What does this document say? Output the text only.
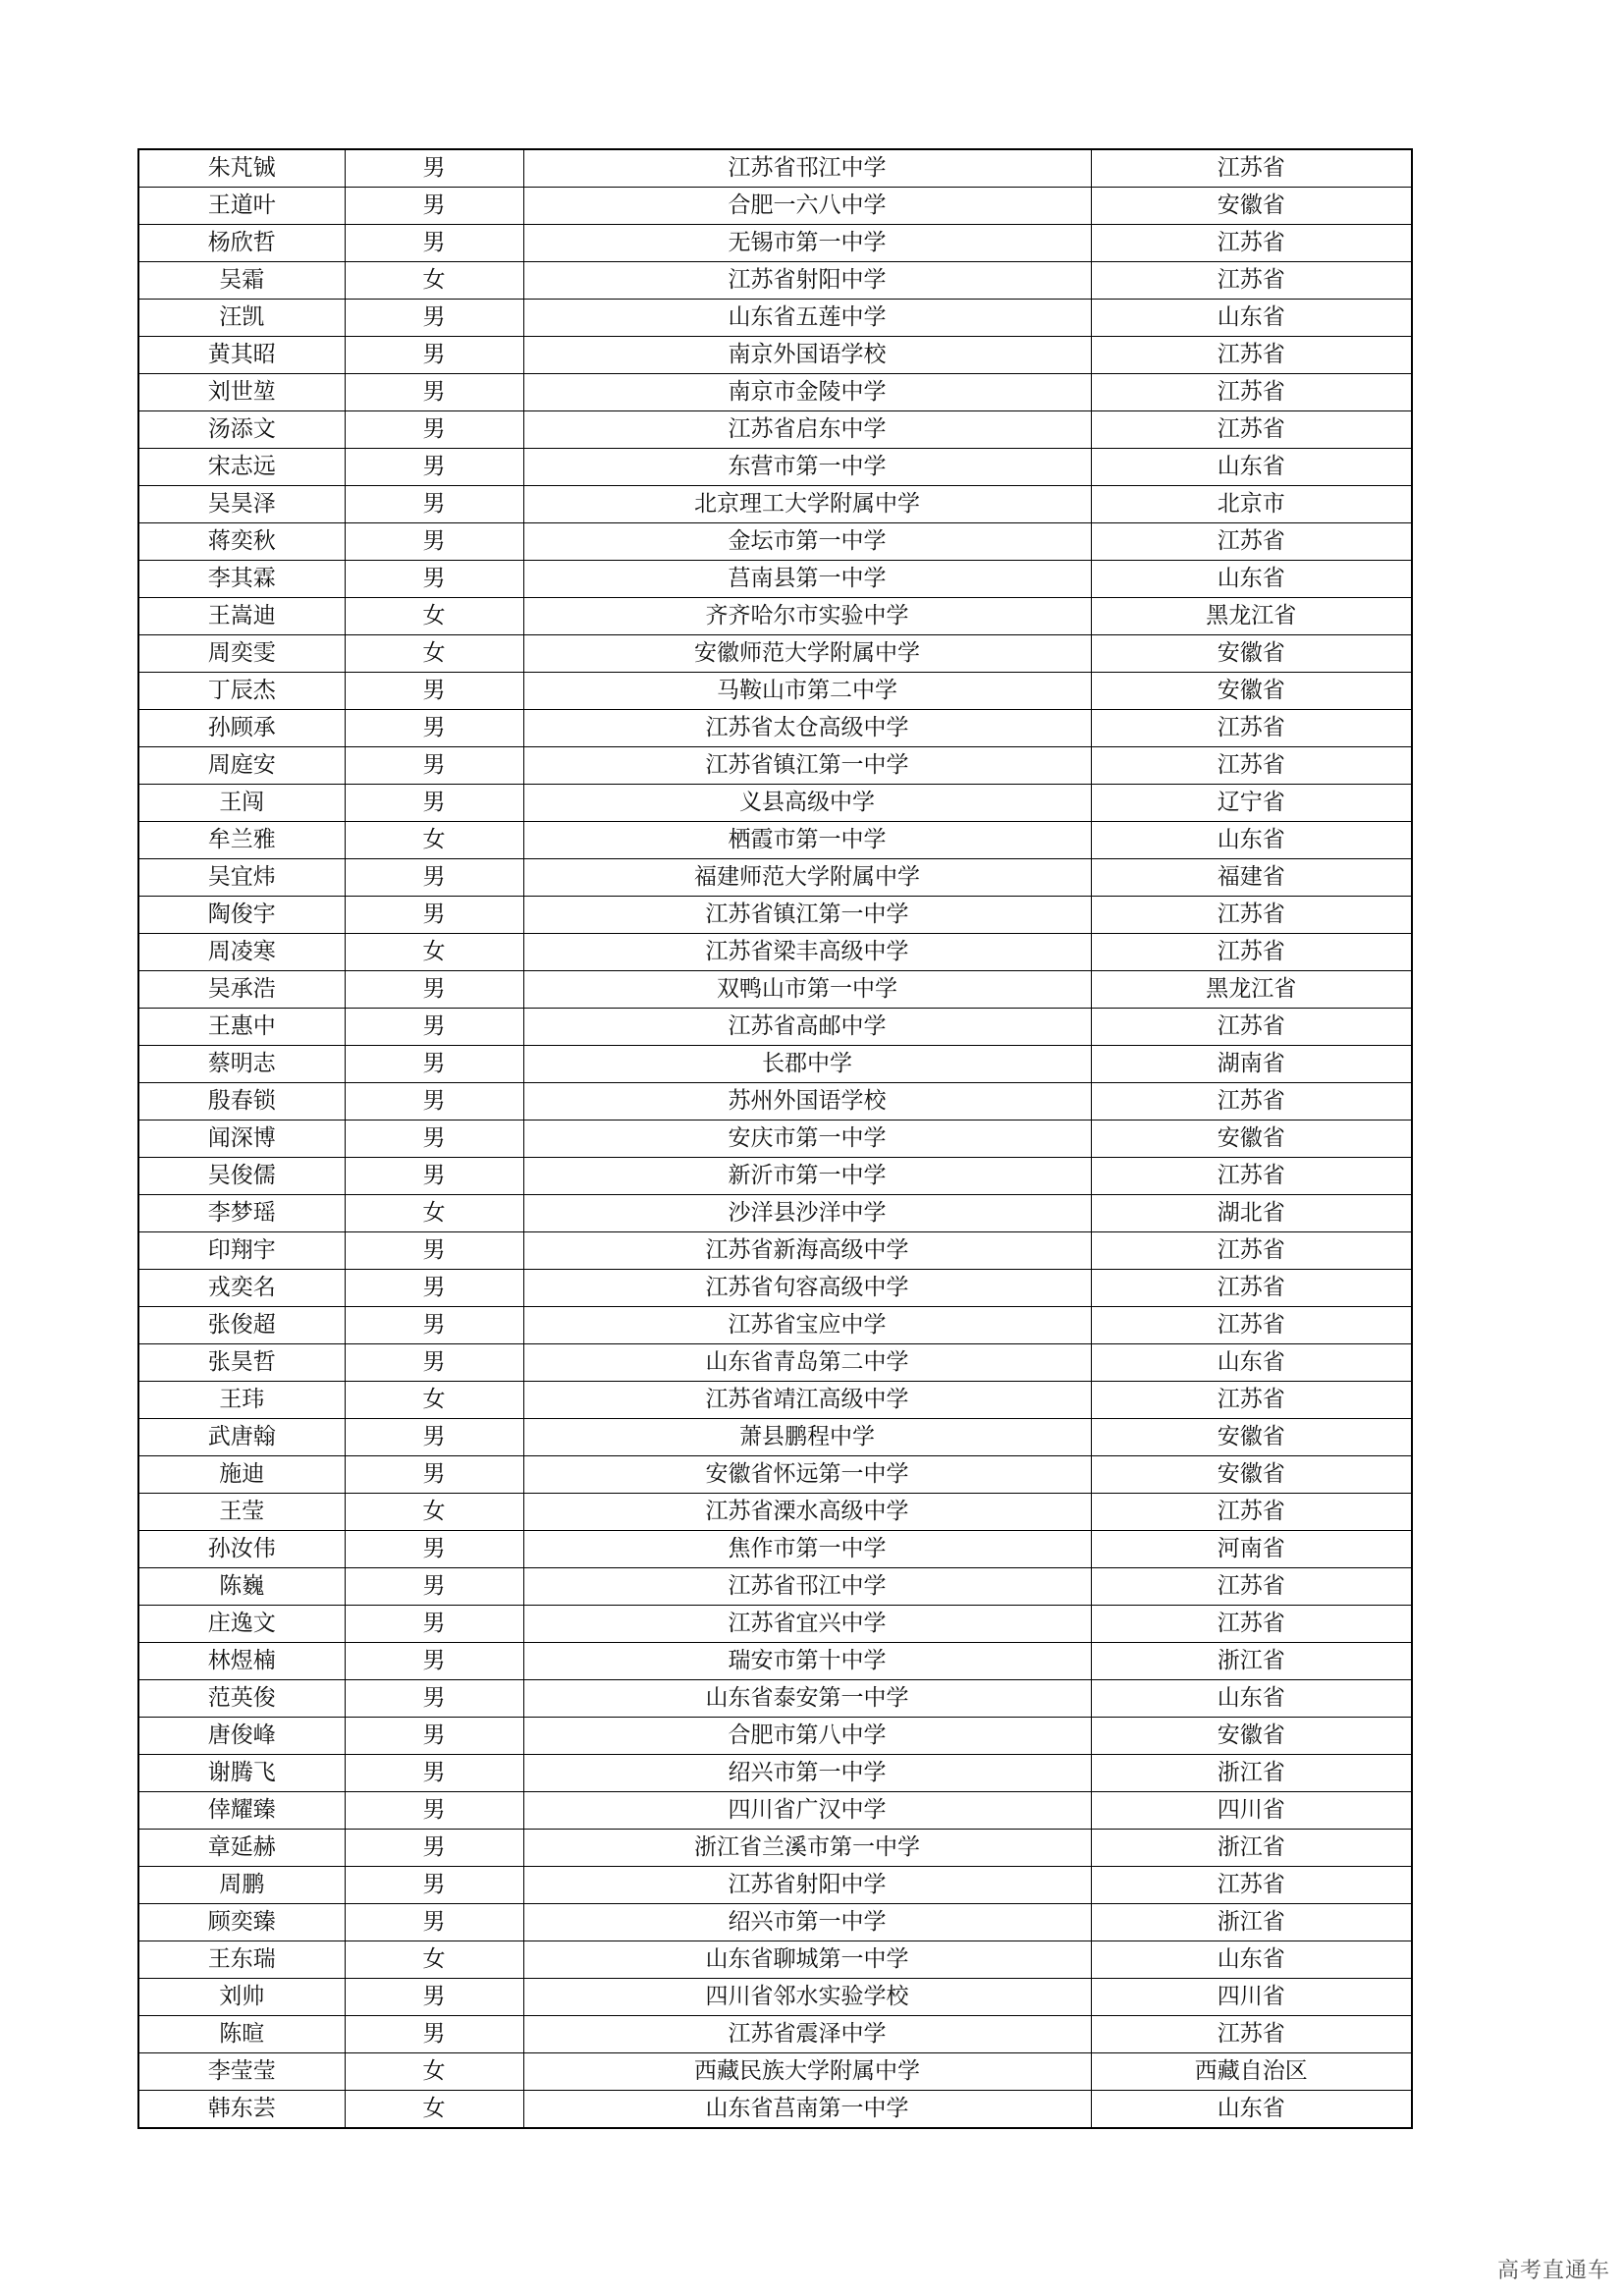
朱芃铖	男	江苏省邗江中学	江苏省
王道叶	男	合肥一六八中学	安徽省
杨欣哲	男	无锡市第一中学	江苏省
吴霜	女	江苏省射阳中学	江苏省
汪凯	男	山东省五莲中学	山东省
黄其昭	男	南京外国语学校	江苏省
刘世堃	男	南京市金陵中学	江苏省
汤添文	男	江苏省启东中学	江苏省
宋志远	男	东营市第一中学	山东省
吴昊泽	男	北京理工大学附属中学	北京市
蒋奕秋	男	金坛市第一中学	江苏省
李其霖	男	莒南县第一中学	山东省
王嵩迪	女	齐齐哈尔市实验中学	黑龙江省
周奕雯	女	安徽师范大学附属中学	安徽省
丁辰杰	男	马鞍山市第二中学	安徽省
孙顾承	男	江苏省太仓高级中学	江苏省
周庭安	男	江苏省镇江第一中学	江苏省
王闯	男	义县高级中学	辽宁省
牟兰雅	女	栖霞市第一中学	山东省
吴宜炜	男	福建师范大学附属中学	福建省
陶俊宇	男	江苏省镇江第一中学	江苏省
周凌寒	女	江苏省梁丰高级中学	江苏省
吴承浩	男	双鸭山市第一中学	黑龙江省
王惠中	男	江苏省高邮中学	江苏省
蔡明志	男	长郡中学	湖南省
殷春锁	男	苏州外国语学校	江苏省
闻深博	男	安庆市第一中学	安徽省
吴俊儒	男	新沂市第一中学	江苏省
李梦瑶	女	沙洋县沙洋中学	湖北省
印翔宇	男	江苏省新海高级中学	江苏省
戎奕名	男	江苏省句容高级中学	江苏省
张俊超	男	江苏省宝应中学	江苏省
张昊哲	男	山东省青岛第二中学	山东省
王玮	女	江苏省靖江高级中学	江苏省
武唐翰	男	萧县鹏程中学	安徽省
施迪	男	安徽省怀远第一中学	安徽省
王莹	女	江苏省溧水高级中学	江苏省
孙汝伟	男	焦作市第一中学	河南省
陈巍	男	江苏省邗江中学	江苏省
庄逸文	男	江苏省宜兴中学	江苏省
林煜楠	男	瑞安市第十中学	浙江省
范英俊	男	山东省泰安第一中学	山东省
唐俊峰	男	合肥市第八中学	安徽省
谢腾飞	男	绍兴市第一中学	浙江省
倖耀臻	男	四川省广汉中学	四川省
章延赫	男	浙江省兰溪市第一中学	浙江省
周鹏	男	江苏省射阳中学	江苏省
顾奕臻	男	绍兴市第一中学	浙江省
王东瑞	女	山东省聊城第一中学	山东省
刘帅	男	四川省邻水实验学校	四川省
陈暄	男	江苏省震泽中学	江苏省
李莹莹	女	西藏民族大学附属中学	西藏自治区
韩东芸	女	山东省莒南第一中学	山东省
高考直通车
